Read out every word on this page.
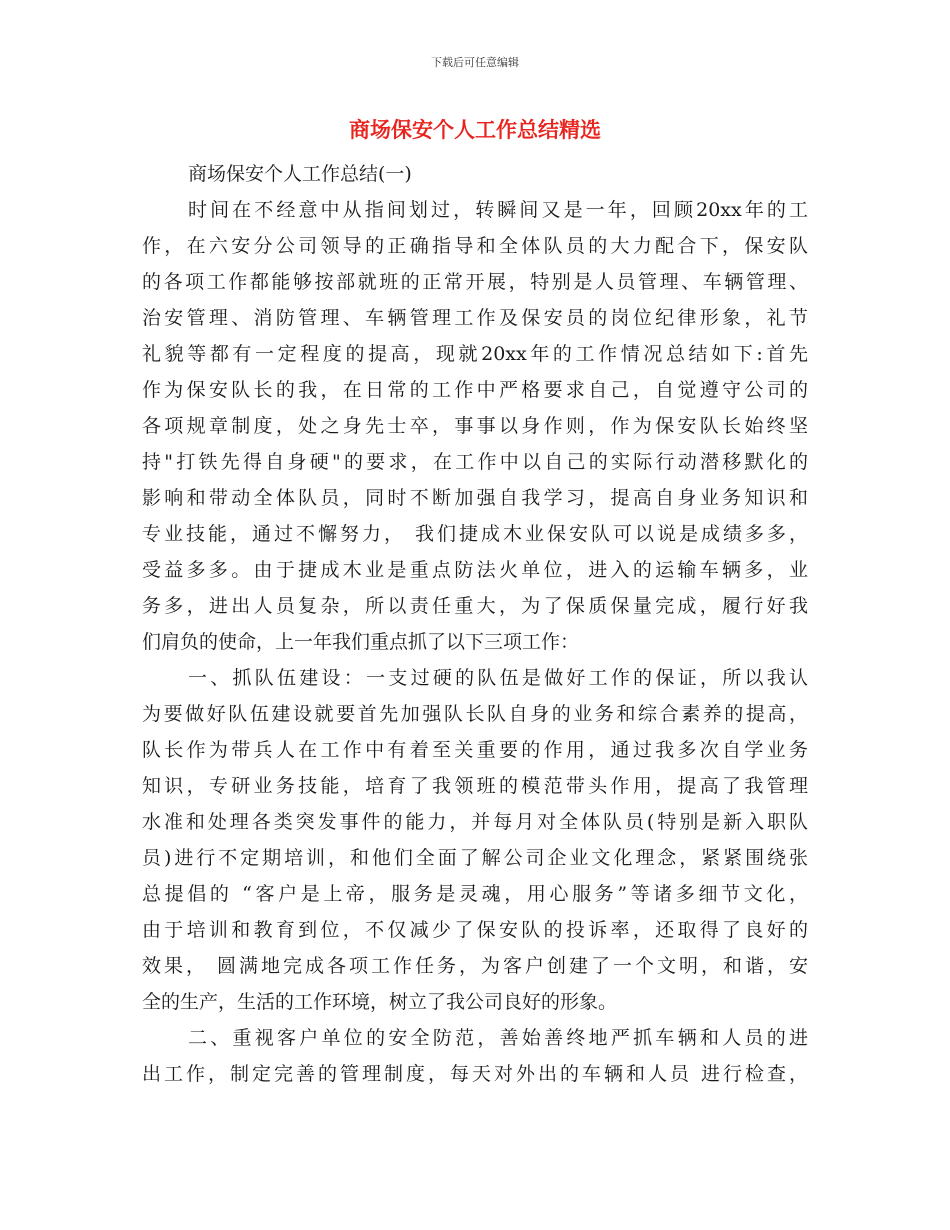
下载后可任意编辑
商场保安个人工作总结精选

商场保安个人工作总结(一)

时间在不经意中从指间划过，转瞬间又是一年，回顾20xx年的工
作，在六安分公司领导的正确指导和全体队员的大力配合下，保安队
的各项工作都能够按部就班的正常开展，特别是人员管理、车辆管理、
治安管理、消防管理、车辆管理工作及保安员的岗位纪律形象，礼节
礼貌等都有一定程度的提高，现就20xx年的工作情况总结如下:首先
作为保安队长的我，在日常的工作中严格要求自己，自觉遵守公司的
各项规章制度，处之身先士卒，事事以身作则，作为保安队长始终坚
持"打铁先得自身硬"的要求，在工作中以自己的实际行动潜移默化的
影响和带动全体队员，同时不断加强自我学习，提高自身业务知识和
专业技能，通过不懈努力， 我们捷成木业保安队可以说是成绩多多，
受益多多。由于捷成木业是重点防法火单位，进入的运输车辆多，业
务多，进出人员复杂，所以责任重大，为了保质保量完成，履行好我
们肩负的使命，上一年我们重点抓了以下三项工作：
一、抓队伍建设：一支过硬的队伍是做好工作的保证，所以我认
为要做好队伍建设就要首先加强队长队自身的业务和综合素养的提高，
队长作为带兵人在工作中有着至关重要的作用，通过我多次自学业务
知识，专研业务技能，培育了我领班的模范带头作用，提高了我管理
水准和处理各类突发事件的能力，并每月对全体队员(特别是新入职队
员)进行不定期培训，和他们全面了解公司企业文化理念，紧紧围绕张
总提倡的 “客户是上帝，服务是灵魂，用心服务”等诸多细节文化，
由于培训和教育到位，不仅减少了保安队的投诉率，还取得了良好的
效果， 圆满地完成各项工作任务，为客户创建了一个文明，和谐，安
全的生产，生活的工作环境，树立了我公司良好的形象。
二、重视客户单位的安全防范，善始善终地严抓车辆和人员的进
出工作，制定完善的管理制度，每天对外出的车辆和人员 进行检查，
